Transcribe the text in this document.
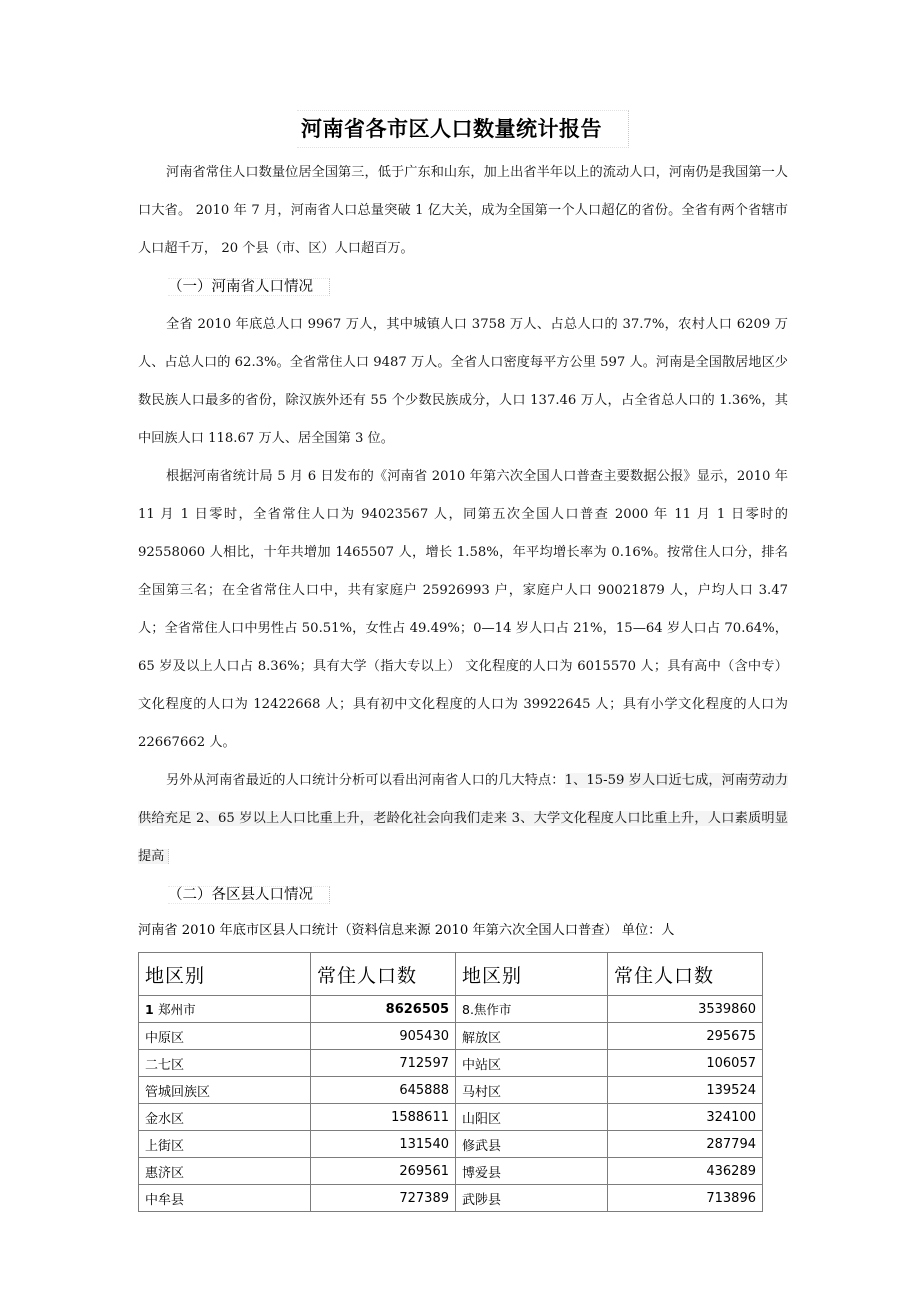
河南省各市区人口数量统计报告

河南省常住人口数量位居全国第三，低于广东和山东，加上出省半年以上的流动人口，河南仍是我国第一人口大省。 2010 年 7 月，河南省人口总量突破 1 亿大关，成为全国第一个人口超亿的省份。全省有两个省辖市人口超千万， 20 个县（市、区）人口超百万。

（一）河南省人口情况

全省 2010 年底总人口 9967 万人，其中城镇人口 3758 万人、占总人口的 37.7%，农村人口 6209 万人、占总人口的 62.3%。全省常住人口 9487 万人。全省人口密度每平方公里 597 人。河南是全国散居地区少数民族人口最多的省份，除汉族外还有 55 个少数民族成分，人口 137.46 万人，占全省总人口的 1.36%，其中回族人口 118.67 万人、居全国第 3 位。

根据河南省统计局 5 月 6 日发布的《河南省 2010 年第六次全国人口普查主要数据公报》显示，2010 年 11 月 1 日零时，全省常住人口为 94023567 人，同第五次全国人口普查 2000 年 11 月 1 日零时的 92558060 人相比，十年共增加 1465507 人，增长 1.58%，年平均增长率为 0.16%。按常住人口分，排名全国第三名；在全省常住人口中，共有家庭户 25926993 户，家庭户人口 90021879 人，户均人口 3.47 人；全省常住人口中男性占 50.51%，女性占 49.49%；0—14 岁人口占 21%，15—64 岁人口占 70.64%，65 岁及以上人口占 8.36%；具有大学（指大专以上） 文化程度的人口为 6015570 人；具有高中（含中专） 文化程度的人口为 12422668 人；具有初中文化程度的人口为 39922645 人；具有小学文化程度的人口为 22667662 人。

另外从河南省最近的人口统计分析可以看出河南省人口的几大特点：1、15-59 岁人口近七成，河南劳动力供给充足 2、65 岁以上人口比重上升，老龄化社会向我们走来 3、大学文化程度人口比重上升，人口素质明显提高

（二）各区县人口情况

河南省 2010 年底市区县人口统计（资料信息来源 2010 年第六次全国人口普查） 单位：人

地区别	常住人口数	地区别	常住人口数
1 郑州市	8626505	8.焦作市	3539860
中原区	905430	解放区	295675
二七区	712597	中站区	106057
管城回族区	645888	马村区	139524
金水区	1588611	山阳区	324100
上街区	131540	修武县	287794
惠济区	269561	博爱县	436289
中牟县	727389	武陟县	713896
